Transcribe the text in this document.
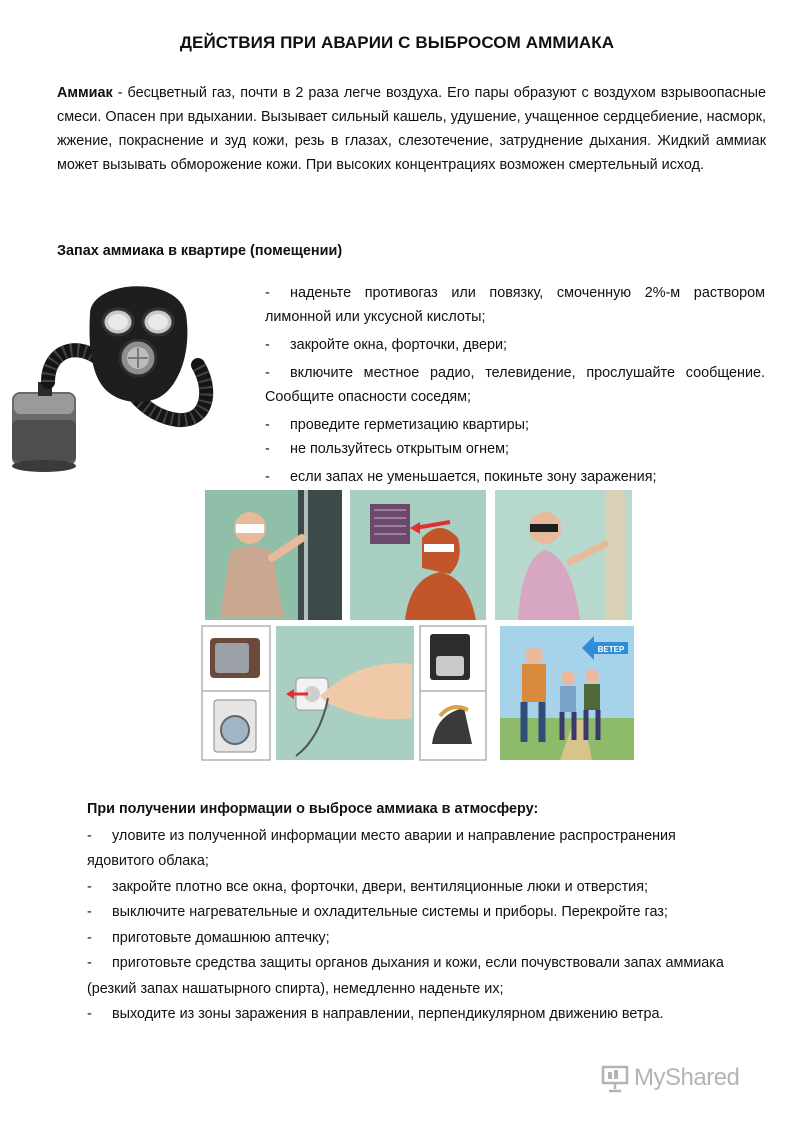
ДЕЙСТВИЯ ПРИ АВАРИИ С ВЫБРОСОМ АММИАКА
Аммиак - бесцветный газ, почти в 2 раза легче воздуха. Его пары образуют с воздухом взрывоопасные смеси. Опасен при вдыхании. Вызывает сильный кашель, удушение, учащенное сердцебиение, насморк, жжение, покраснение и зуд кожи, резь в глазах, слезотечение, затруднение дыхания. Жидкий аммиак может вызывать обморожение кожи. При высоких концентрациях возможен смертельный исход.
Запах аммиака в квартире (помещении)
- наденьте противогаз или повязку, смоченную 2%-м раствором лимонной или уксусной кислоты;
- закройте окна, форточки, двери;
- включите местное радио, телевидение, прослушайте сообщение. Сообщите опасности соседям;
- проведите герметизацию квартиры;
- не пользуйтесь открытым огнем;
- если запах не уменьшается, покиньте зону заражения;
ВЕТЕР
При получении информации о выбросе аммиака в атмосферу:
- уловите из полученной информации место аварии и направление распространения ядовитого облака;
- закройте плотно все окна, форточки, двери, вентиляционные люки и отверстия;
- выключите нагревательные и охладительные системы и приборы. Перекройте газ;
- приготовьте домашнюю аптечку;
- приготовьте средства защиты органов дыхания и кожи, если почувствовали запах аммиака (резкий запах нашатырного спирта), немедленно наденьте их;
- выходите из зоны заражения в направлении, перпендикулярном движению ветра.
MyShared
